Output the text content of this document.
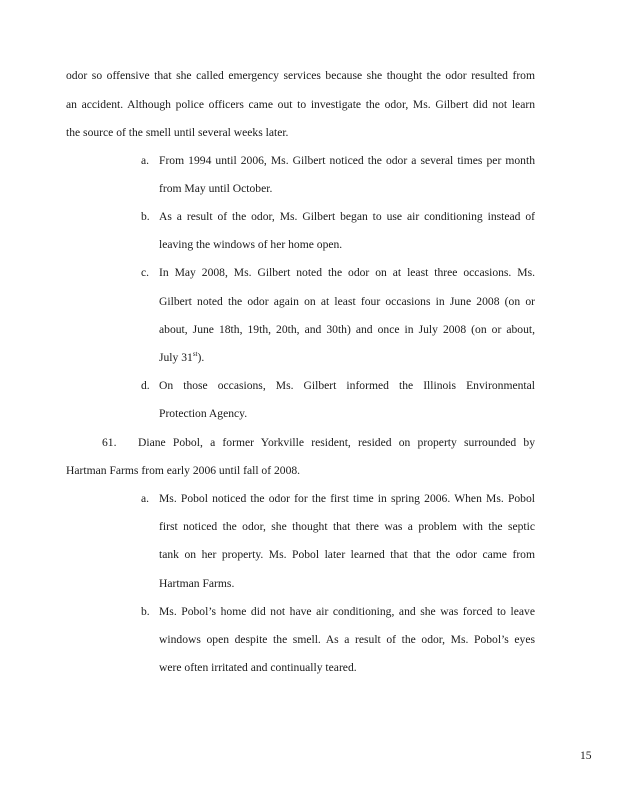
odor so offensive that she called emergency services because she thought the odor resulted from
an accident. Although police officers came out to investigate the odor, Ms. Gilbert did not learn
the source of the smell until several weeks later.
a. From 1994 until 2006, Ms. Gilbert noticed the odor a several times per month
from May until October.
b. As a result of the odor, Ms. Gilbert began to use air conditioning instead of
leaving the windows of her home open.
c. In May 2008, Ms. Gilbert noted the odor on at least three occasions. Ms.
Gilbert noted the odor again on at least four occasions in June 2008 (on or
about, June 18th, 19th, 20th, and 30th) and once in July 2008 (on or about,
July 31st).
d. On those occasions, Ms. Gilbert informed the Illinois Environmental
Protection Agency.
61. Diane Pobol, a former Yorkville resident, resided on property surrounded by
Hartman Farms from early 2006 until fall of 2008.
a. Ms. Pobol noticed the odor for the first time in spring 2006. When Ms. Pobol
first noticed the odor, she thought that there was a problem with the septic
tank on her property. Ms. Pobol later learned that that the odor came from
Hartman Farms.
b. Ms. Pobol’s home did not have air conditioning, and she was forced to leave
windows open despite the smell. As a result of the odor, Ms. Pobol’s eyes
were often irritated and continually teared.
15
